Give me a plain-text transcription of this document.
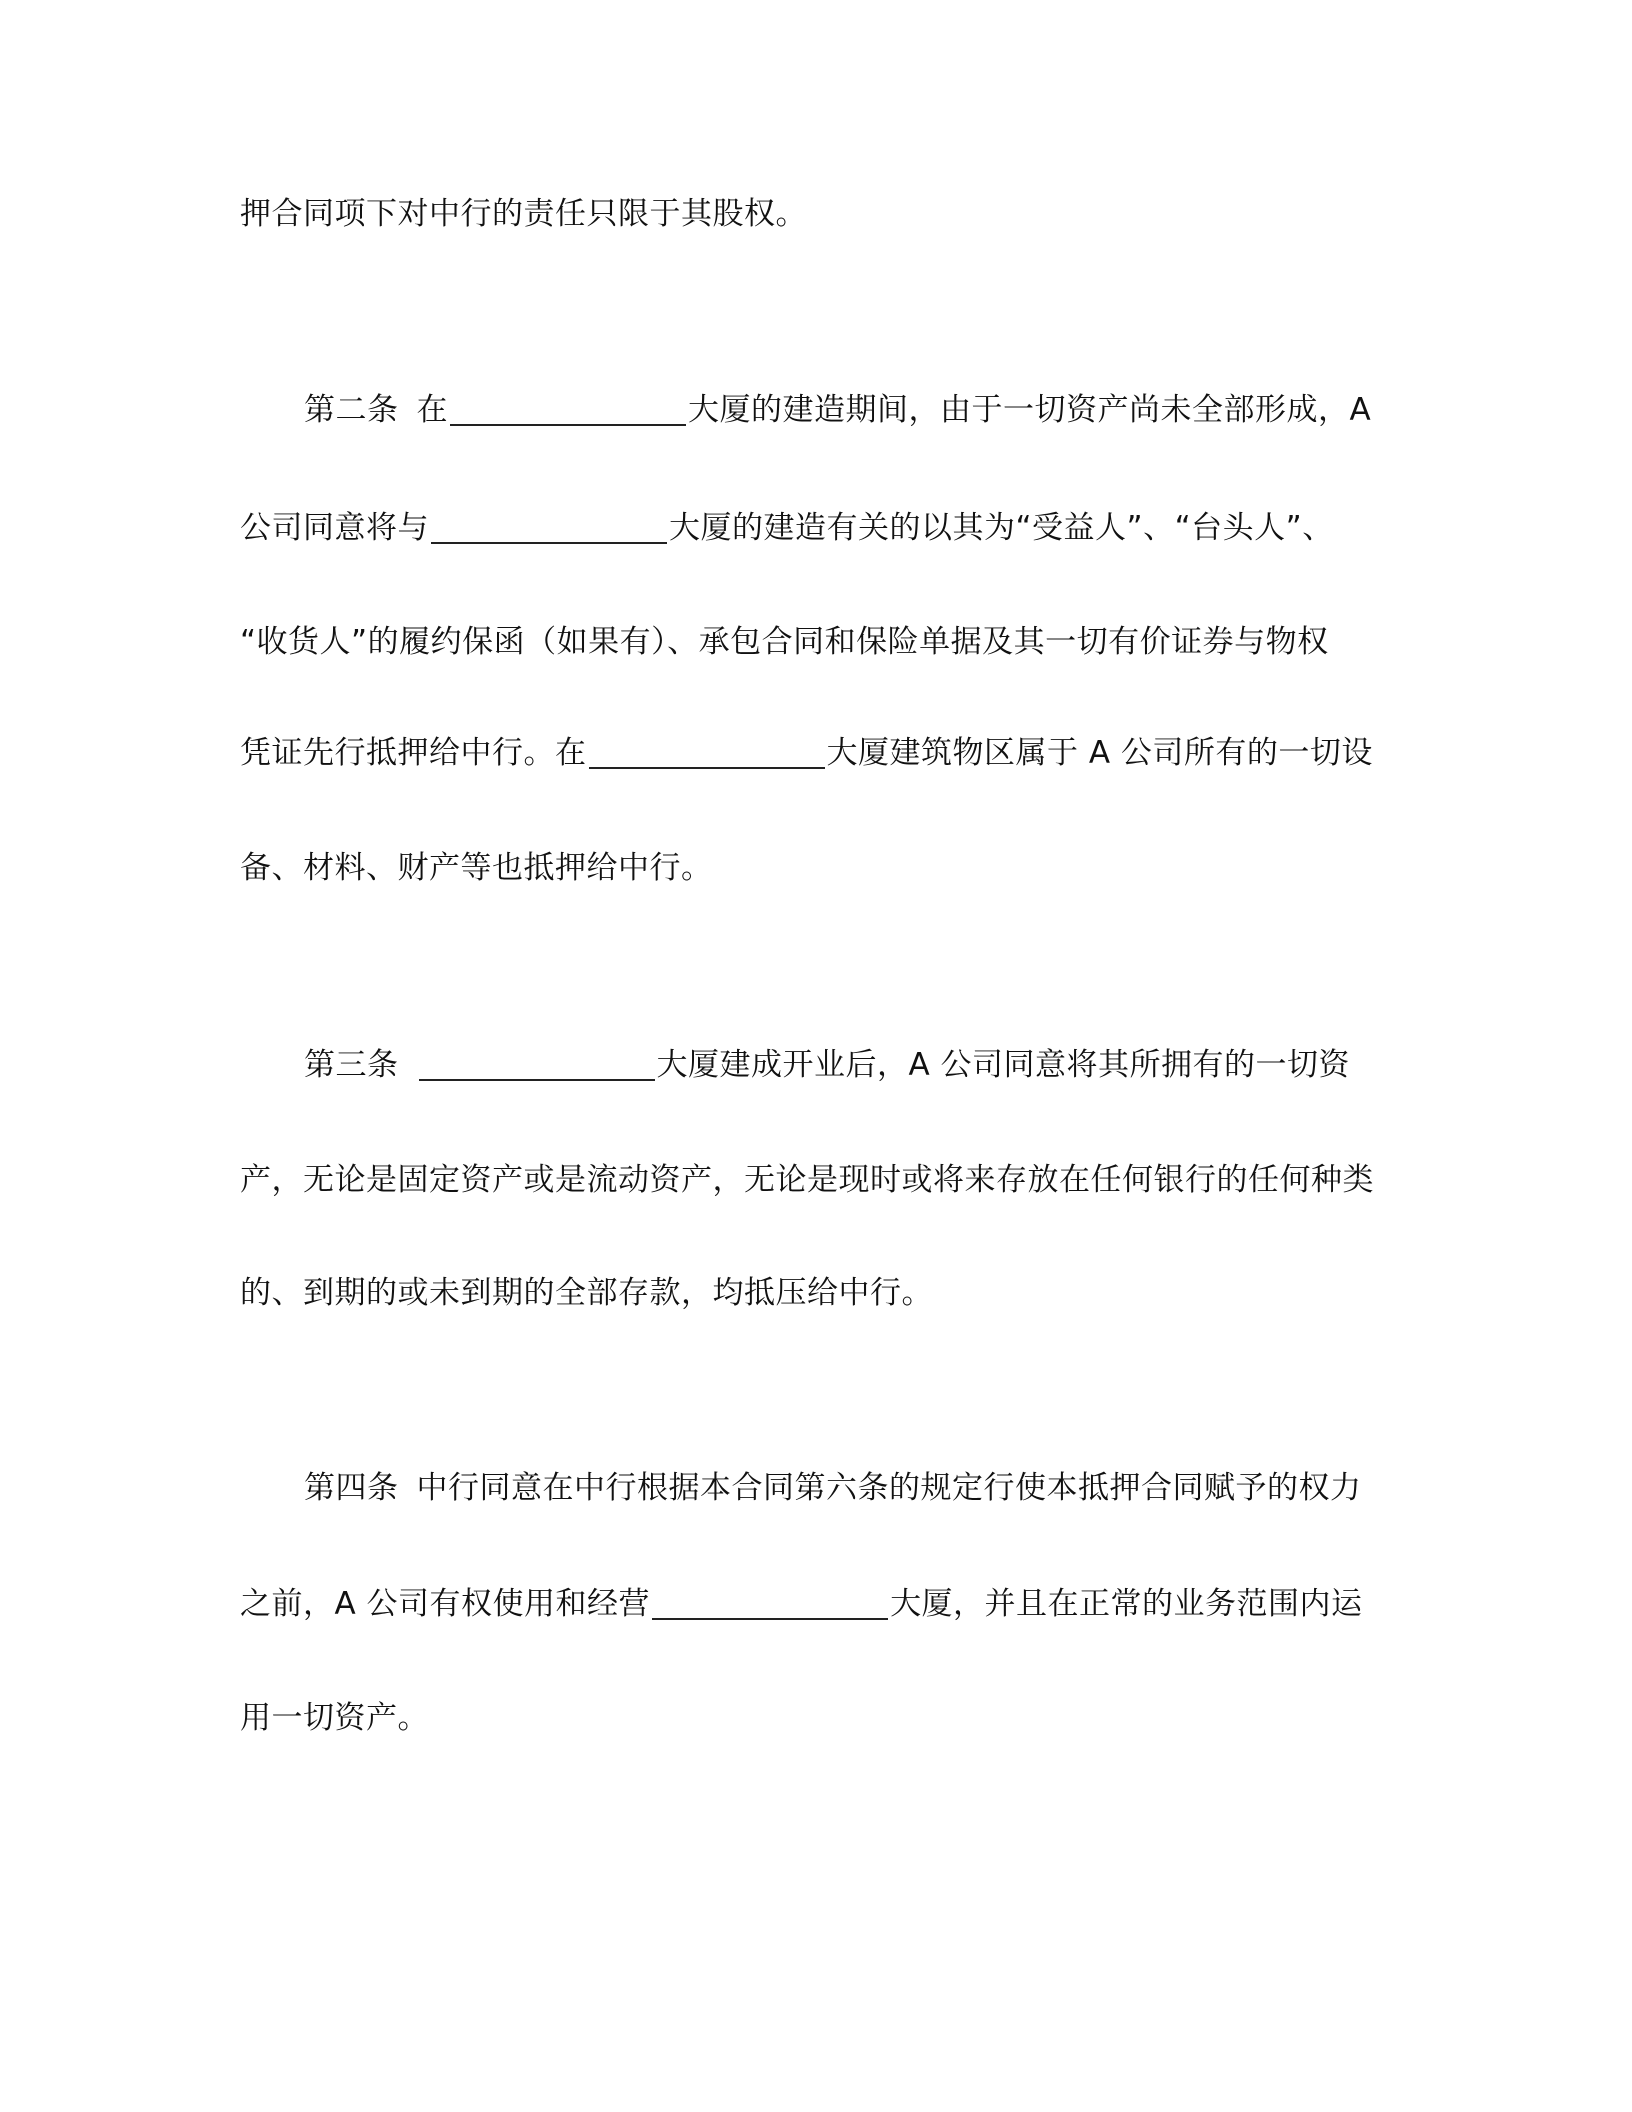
押合同项下对中行的责任只限于其股权。
第二条 在	大厦的建造期间，由于一切资产尚未全部形成，A
公司同意将与	大厦的建造有关的以其为“受益人”、“台头人”、
“收货人”的履约保函（如果有）、承包合同和保险单据及其一切有价证券与物权
凭证先行抵押给中行。在	大厦建筑物区属于 A 公司所有的一切设
备、材料、财产等也抵押给中行。
第三条	大厦建成开业后，A 公司同意将其所拥有的一切资
产，无论是固定资产或是流动资产，无论是现时或将来存放在任何银行的任何种类
的、到期的或未到期的全部存款，均抵压给中行。
第四条 中行同意在中行根据本合同第六条的规定行使本抵押合同赋予的权力
之前，A 公司有权使用和经营	大厦，并且在正常的业务范围内运
用一切资产。
